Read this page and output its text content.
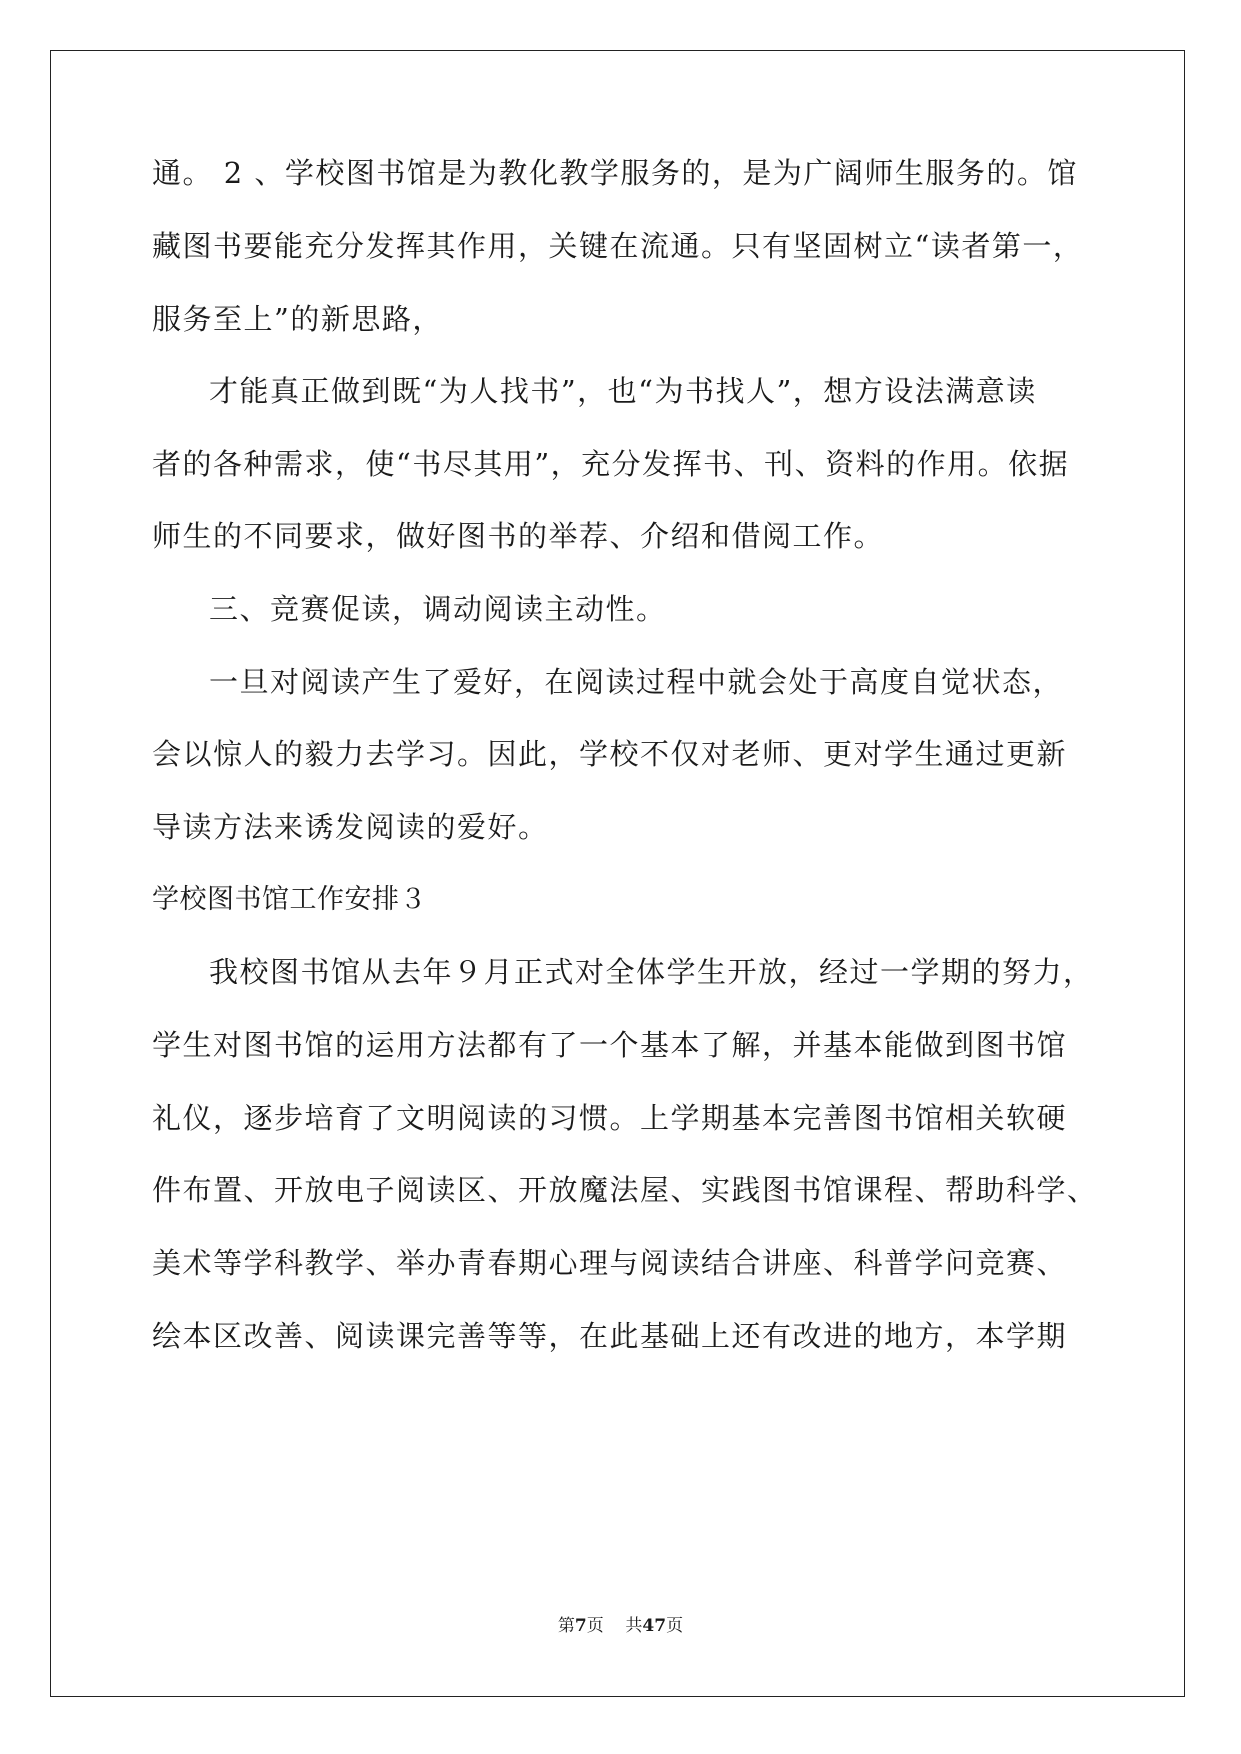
通。 2 、学校图书馆是为教化教学服务的，是为广阔师生服务的。馆
藏图书要能充分发挥其作用，关键在流通。只有坚固树立“读者第一，
服务至上”的新思路，
才能真正做到既“为人找书”，也“为书找人”，想方设法满意读
者的各种需求，使“书尽其用”，充分发挥书、刊、资料的作用。依据
师生的不同要求，做好图书的举荐、介绍和借阅工作。
三、竞赛促读，调动阅读主动性。
一旦对阅读产生了爱好，在阅读过程中就会处于高度自觉状态，
会以惊人的毅力去学习。因此，学校不仅对老师、更对学生通过更新
导读方法来诱发阅读的爱好。
学校图书馆工作安排３
我校图书馆从去年９月正式对全体学生开放，经过一学期的努力，
学生对图书馆的运用方法都有了一个基本了解，并基本能做到图书馆
礼仪，逐步培育了文明阅读的习惯。上学期基本完善图书馆相关软硬
件布置、开放电子阅读区、开放魔法屋、实践图书馆课程、帮助科学、
美术等学科教学、举办青春期心理与阅读结合讲座、科普学问竞赛、
绘本区改善、阅读课完善等等，在此基础上还有改进的地方，本学期
第7页 共47页
